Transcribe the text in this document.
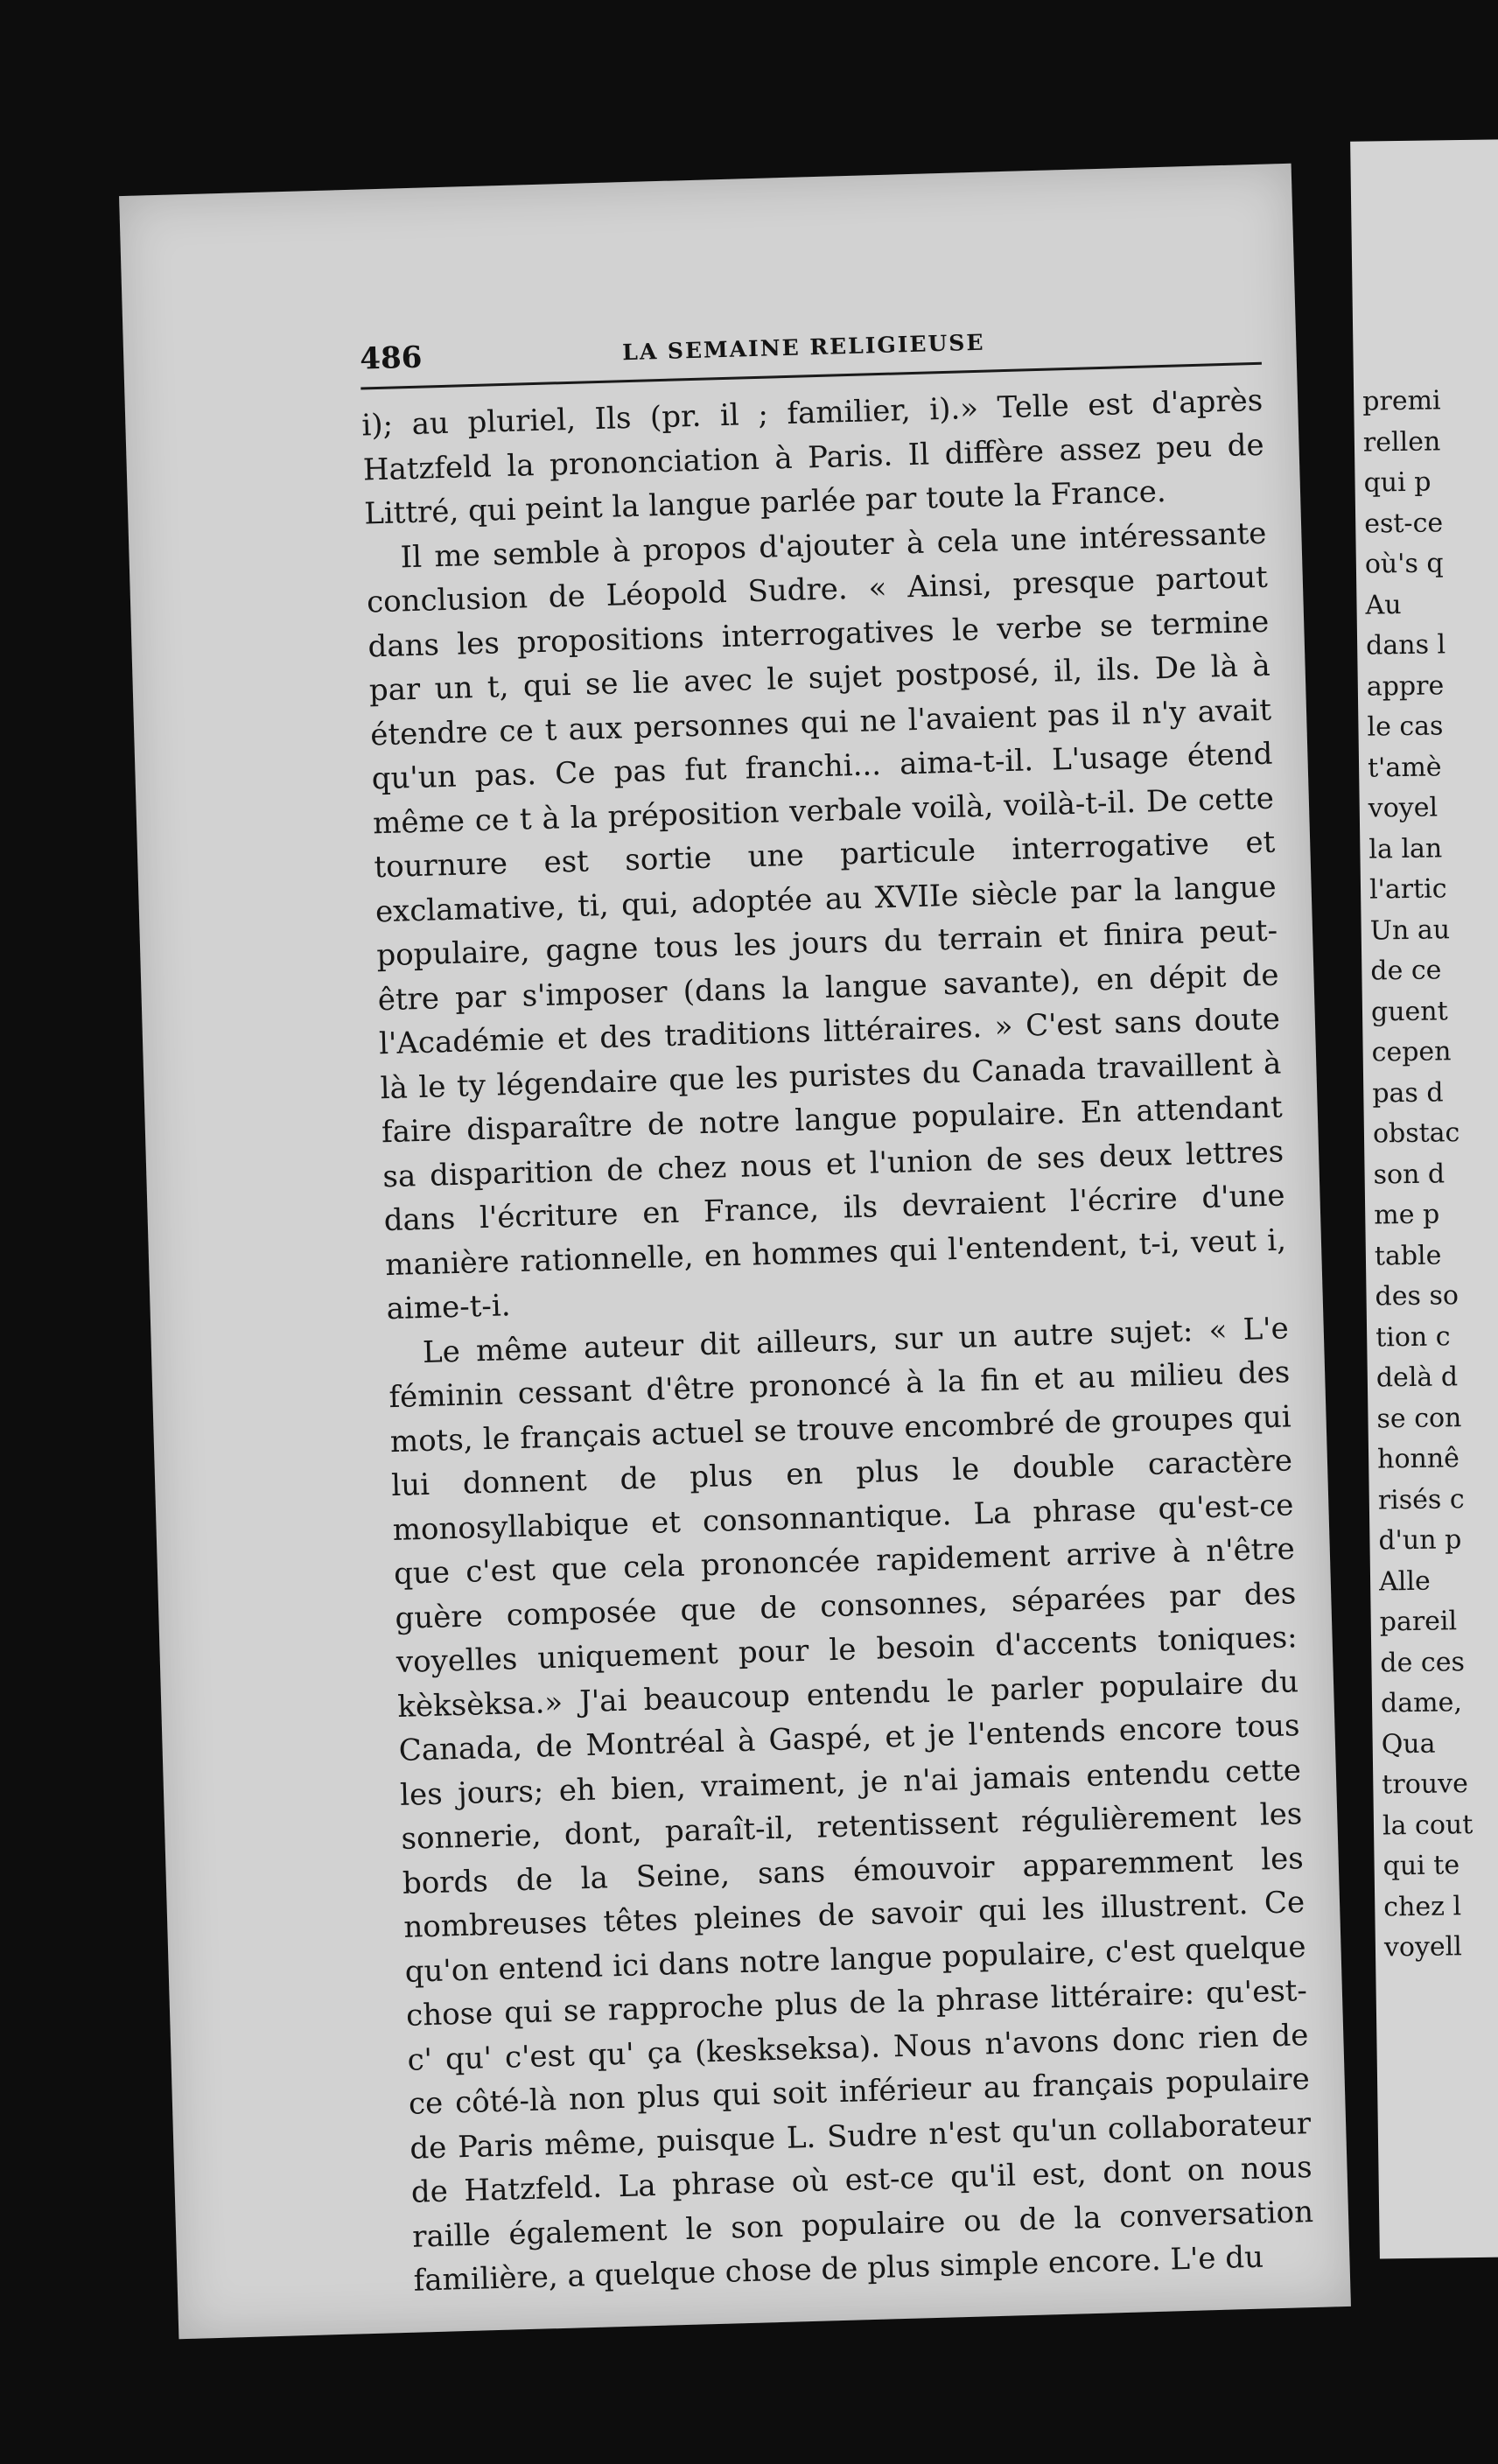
486	LA SEMAINE RELIGIEUSE

i); au pluriel, Ils (pr. il ; familier, i).» Telle est d'après Hatzfeld la prononciation à Paris. Il diffère assez peu de Littré, qui peint la langue parlée par toute la France.

Il me semble à propos d'ajouter à cela une intéressante conclusion de Léopold Sudre. « Ainsi, presque partout dans les propositions interrogatives le verbe se termine par un t, qui se lie avec le sujet postposé, il, ils. De là à étendre ce t aux personnes qui ne l'avaient pas il n'y avait qu'un pas. Ce pas fut franchi... aima-t-il. L'usage étend même ce t à la préposition verbale voilà, voilà-t-il. De cette tournure est sortie une particule interrogative et exclamative, ti, qui, adoptée au XVIIe siècle par la langue populaire, gagne tous les jours du terrain et finira peut-être par s'imposer (dans la langue savante), en dépit de l'Académie et des traditions littéraires. » C'est sans doute là le ty légendaire que les puristes du Canada travaillent à faire disparaître de notre langue populaire. En attendant sa disparition de chez nous et l'union de ses deux lettres dans l'écriture en France, ils devraient l'écrire d'une manière rationnelle, en hommes qui l'entendent, t-i, veut i, aime-t-i.

Le même auteur dit ailleurs, sur un autre sujet: « L'e féminin cessant d'être prononcé à la fin et au milieu des mots, le français actuel se trouve encombré de groupes qui lui donnent de plus en plus le double caractère monosyllabique et consonnantique. La phrase qu'est-ce que c'est que cela prononcée rapidement arrive à n'être guère composée que de consonnes, séparées par des voyelles uniquement pour le besoin d'accents toniques: kèksèksa.» J'ai beaucoup entendu le parler populaire du Canada, de Montréal à Gaspé, et je l'entends encore tous les jours; eh bien, vraiment, je n'ai jamais entendu cette sonnerie, dont, paraît-il, retentissent régulièrement les bords de la Seine, sans émouvoir apparemment les nombreuses têtes pleines de savoir qui les illustrent. Ce qu'on entend ici dans notre langue populaire, c'est quelque chose qui se rapproche plus de la phrase littéraire: qu'est-c' qu' c'est qu' ça (keskseksa). Nous n'avons donc rien de ce côté-là non plus qui soit inférieur au français populaire de Paris même, puisque L. Sudre n'est qu'un collaborateur de Hatzfeld. La phrase où est-ce qu'il est, dont on nous raille également le son populaire ou de la conversation familière, a quelque chose de plus simple encore. L'e du

premi
rellen
qui p
est-ce
où's q
Au
dans l
appre
le cas
t'amè
voyel
la lan
l'artic
Un au
de ce
guent
cepen
pas d
obstac
son d
me p
table
des so
tion c
delà d
se con
honnê
risés c
d'un p
Alle
pareil
de ces
dame,
Qua
trouve
la cout
qui te
chez l
voyell
